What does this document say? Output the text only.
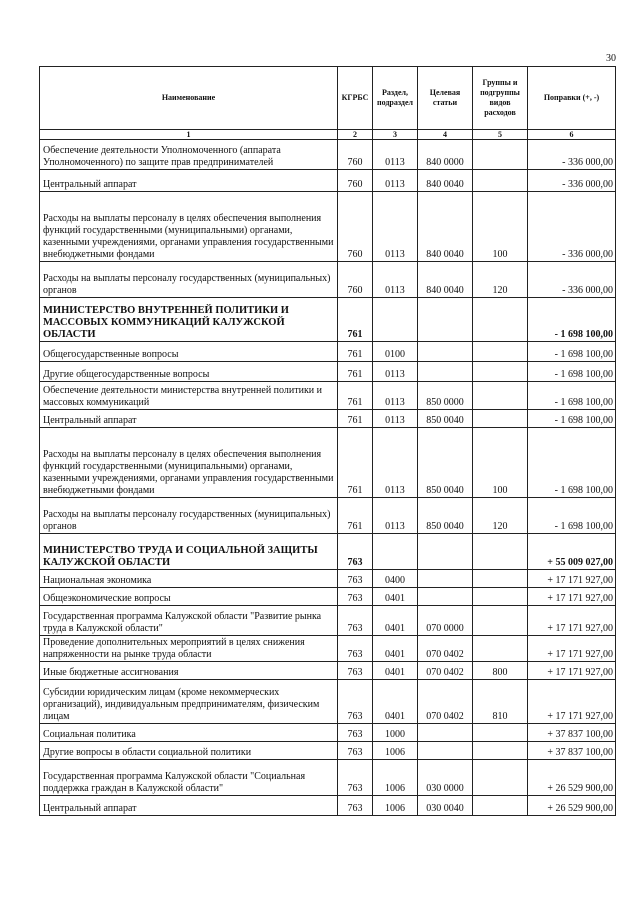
30
Наименование	КГРБС	Раздел, подраздел	Целевая статьи	Группы и подгруппы видов расходов	Поправки (+, -)
1	2	3	4	5	6
Обеспечение деятельности Уполномоченного (аппарата Уполномоченного) по защите прав предпринимателей	760	0113	840 0000		- 336 000,00
Центральный аппарат	760	0113	840 0040		- 336 000,00
Расходы на выплаты персоналу в целях обеспечения выполнения функций государственными (муниципальными) органами, казенными учреждениями, органами управления государственными внебюджетными фондами	760	0113	840 0040	100	- 336 000,00
Расходы на выплаты персоналу государственных (муниципальных) органов	760	0113	840 0040	120	- 336 000,00
МИНИСТЕРСТВО ВНУТРЕННЕЙ ПОЛИТИКИ И МАССОВЫХ КОММУНИКАЦИЙ КАЛУЖСКОЙ ОБЛАСТИ	761				- 1 698 100,00
Общегосударственные вопросы	761	0100			- 1 698 100,00
Другие общегосударственные вопросы	761	0113			- 1 698 100,00
Обеспечение деятельности министерства внутренней политики и массовых коммуникаций	761	0113	850 0000		- 1 698 100,00
Центральный аппарат	761	0113	850 0040		- 1 698 100,00
Расходы на выплаты персоналу в целях обеспечения выполнения функций государственными (муниципальными) органами, казенными учреждениями, органами управления государственными внебюджетными фондами	761	0113	850 0040	100	- 1 698 100,00
Расходы на выплаты персоналу государственных (муниципальных) органов	761	0113	850 0040	120	- 1 698 100,00
МИНИСТЕРСТВО ТРУДА И СОЦИАЛЬНОЙ ЗАЩИТЫ КАЛУЖСКОЙ ОБЛАСТИ	763				+ 55 009 027,00
Национальная экономика	763	0400			+ 17 171 927,00
Общеэкономические вопросы	763	0401			+ 17 171 927,00
Государственная программа Калужской области "Развитие рынка труда в Калужской области"	763	0401	070 0000		+ 17 171 927,00
Проведение дополнительных мероприятий в целях снижения напряженности на рынке труда области	763	0401	070 0402		+ 17 171 927,00
Иные бюджетные ассигнования	763	0401	070 0402	800	+ 17 171 927,00
Субсидии юридическим лицам (кроме некоммерческих организаций), индивидуальным предпринимателям, физическим лицам	763	0401	070 0402	810	+ 17 171 927,00
Социальная политика	763	1000			+ 37 837 100,00
Другие вопросы в области социальной политики	763	1006			+ 37 837 100,00
Государственная программа Калужской области "Социальная поддержка граждан в Калужской области"	763	1006	030 0000		+ 26 529 900,00
Центральный аппарат	763	1006	030 0040		+ 26 529 900,00
